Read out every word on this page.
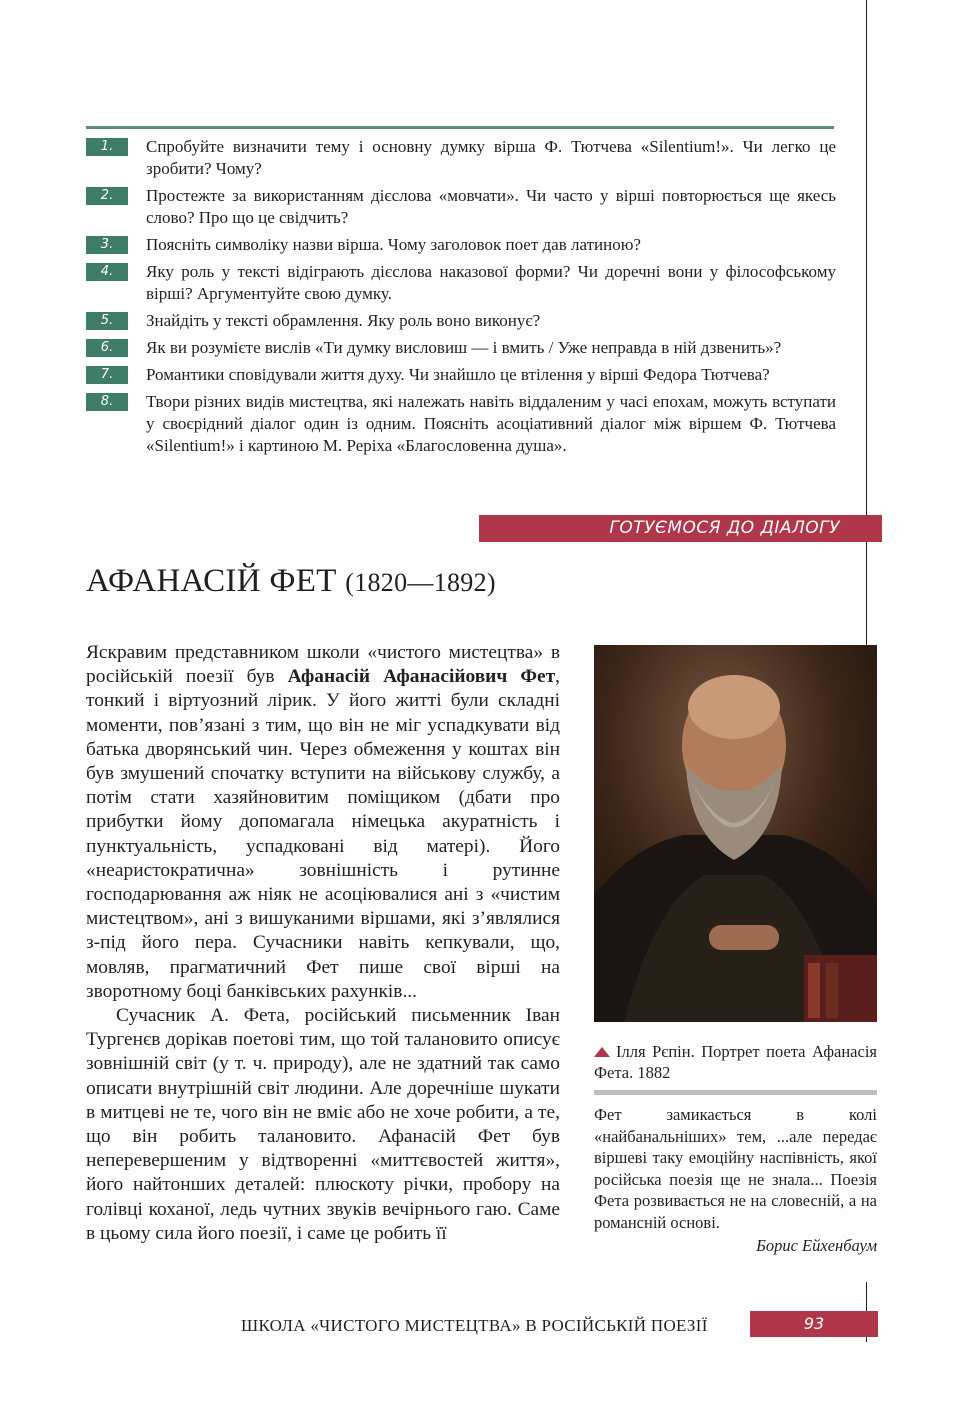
1.	Спробуйте визначити тему і основну думку вірша Ф. Тютчева «Silentium!». Чи легко це зробити? Чому?
2.	Простежте за використанням дієслова «мовчати». Чи часто у вірші повторюється ще якесь слово? Про що це свідчить?
3.	Поясніть символіку назви вірша. Чому заголовок поет дав латиною?
4.	Яку роль у тексті відіграють дієслова наказової форми? Чи доречні вони у філософському вірші? Аргументуйте свою думку.
5.	Знайдіть у тексті обрамлення. Яку роль воно виконує?
6.	Як ви розумієте вислів «Ти думку висловиш — і вмить / Уже неправда в ній дзвенить»?
7.	Романтики сповідували життя духу. Чи знайшло це втілення у вірші Федора Тютчева?
8.	Твори різних видів мистецтва, які належать навіть віддаленим у часі епохам, можуть вступати у своєрідний діалог один із одним. Поясніть асоціативний діалог між віршем Ф. Тютчева «Silentium!» і картиною М. Реріха «Благословенна душа».
ГОТУЄМОСЯ ДО ДІАЛОГУ
АФАНАСІЙ ФЕТ (1820—1892)

Яскравим представником школи «чистого мистецтва» в російській поезії був Афанасій Афанасійович Фет, тонкий і віртуозний лірик. У його житті були складні моменти, пов’язані з тим, що він не міг успадкувати від батька дворянський чин. Через обмеження у коштах він був змушений спочатку вступити на військову службу, а потім стати хазяйновитим поміщиком (дбати про прибутки йому допомагала німецька акуратність і пунктуальність, успадковані від матері). Його «неаристократична» зовнішність і рутинне господарювання аж ніяк не асоціювалися ані з «чистим мистецтвом», ані з вишуканими віршами, які з’являлися з-під його пера. Сучасники навіть кепкували, що, мовляв, прагматичний Фет пише свої вірші на зворотному боці банківських рахунків...

Сучасник А. Фета, російський письменник Іван Тургенєв дорікав поетові тим, що той талановито описує зовнішній світ (у т. ч. природу), але не здатний так само описати внутрішній світ людини. Але доречніше шукати в митцеві не те, чого він не вміє або не хоче робити, а те, що він робить талановито. Афанасій Фет був неперевершеним у відтворенні «миттєвостей життя», його найтонших деталей: плюскоту річки, пробору на голівці коханої, ледь чутних звуків вечірнього гаю. Саме в цьому сила його поезії, і саме це робить її

Ілля Рєпін. Портрет поета Афанасія Фета. 1882
Фет замикається в колі «найбанальніших» тем, ...але передає віршеві таку емоційну наспівність, якої російська поезія ще не знала... Поезія Фета розвивається не на словесній, а на романсній основі.
Борис Ейхенбаум
ШКОЛА «ЧИСТОГО МИСТЕЦТВА» В РОСІЙСЬКІЙ ПОЕЗІЇ	93
